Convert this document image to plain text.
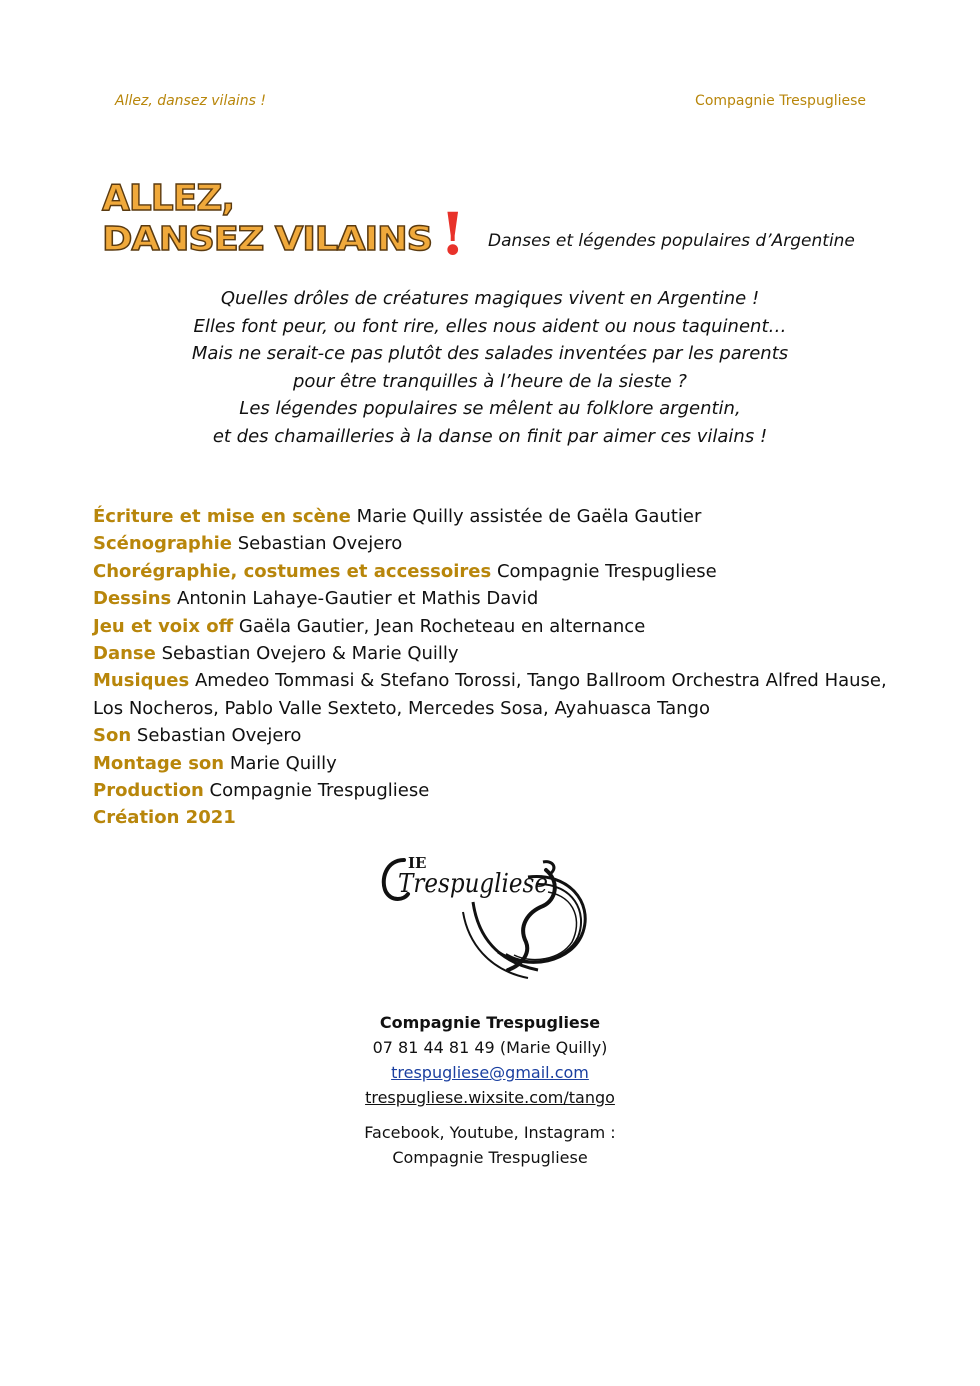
Allez, dansez vilains !	Compagnie Trespugliese
ALLEZ,
DANSEZ VILAINS ! Danses et légendes populaires d’Argentine
Quelles drôles de créatures magiques vivent en Argentine !
Elles font peur, ou font rire, elles nous aident ou nous taquinent…
Mais ne serait-ce pas plutôt des salades inventées par les parents
pour être tranquilles à l’heure de la sieste ?
Les légendes populaires se mêlent au folklore argentin,
et des chamailleries à la danse on finit par aimer ces vilains !
Écriture et mise en scène Marie Quilly assistée de Gaëla Gautier
Scénographie Sebastian Ovejero
Chorégraphie, costumes et accessoires Compagnie Trespugliese
Dessins Antonin Lahaye-Gautier et Mathis David
Jeu et voix off Gaëla Gautier, Jean Rocheteau en alternance
Danse Sebastian Ovejero & Marie Quilly
Musiques Amedeo Tommasi & Stefano Torossi, Tango Ballroom Orchestra Alfred Hause,
Los Nocheros, Pablo Valle Sexteto, Mercedes Sosa, Ayahuasca Tango
Son Sebastian Ovejero
Montage son Marie Quilly
Production Compagnie Trespugliese
Création 2021
IE
Trespugliese
Compagnie Trespugliese
07 81 44 81 49 (Marie Quilly)
trespugliese@gmail.com
trespugliese.wixsite.com/tango
Facebook, Youtube, Instagram :
Compagnie Trespugliese
